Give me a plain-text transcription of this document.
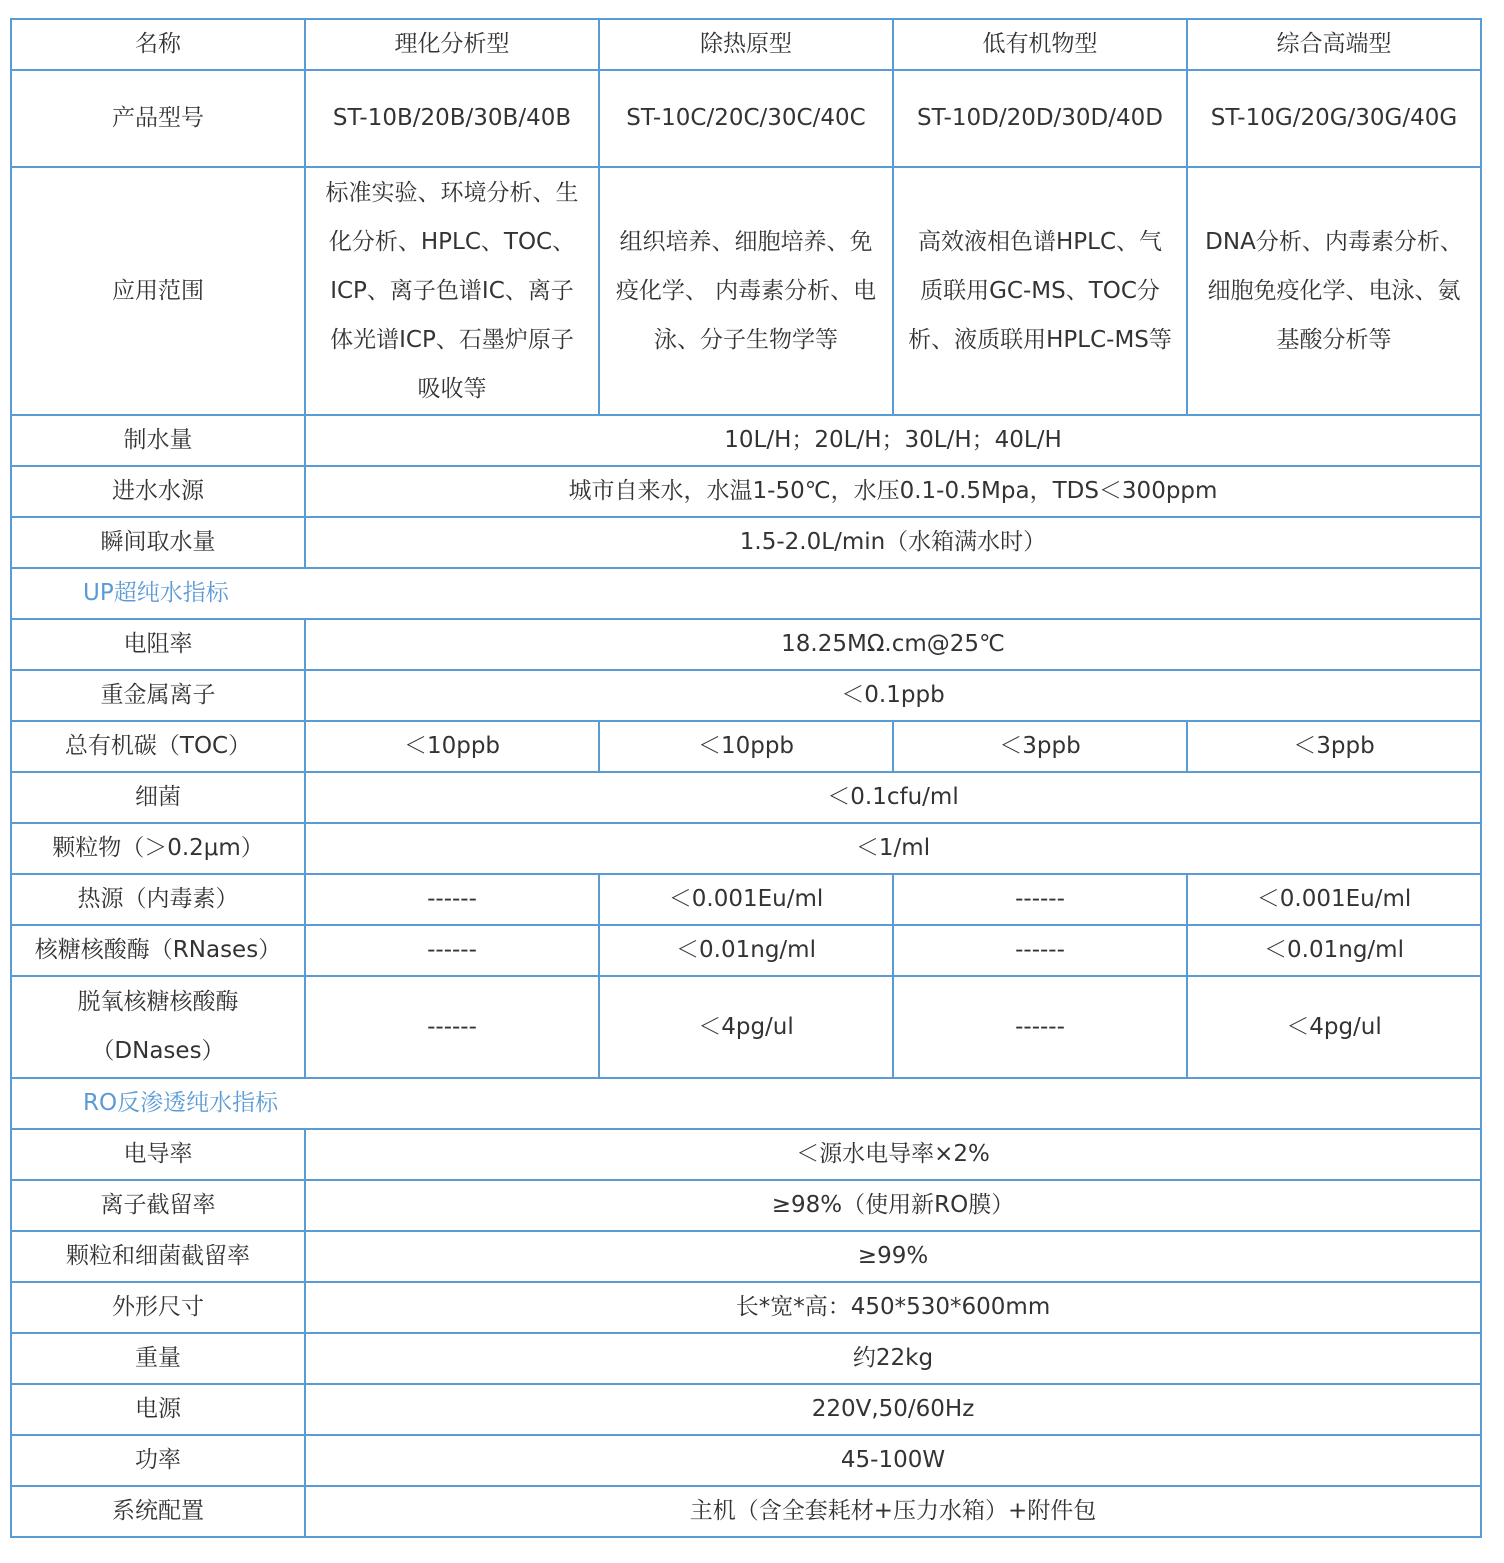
名称	理化分析型	除热原型	低有机物型	综合高端型
产品型号	ST-10B/20B/30B/40B	ST-10C/20C/30C/40C	ST-10D/20D/30D/40D	ST-10G/20G/30G/40G
应用范围	标准实验、环境分析、生化分析、HPLC、TOC、ICP、离子色谱IC、离子体光谱ICP、石墨炉原子吸收等	组织培养、细胞培养、免疫化学、 内毒素分析、电泳、分子生物学等	高效液相色谱HPLC、气质联用GC-MS、TOC分析、液质联用HPLC-MS等	DNA分析、内毒素分析、细胞免疫化学、电泳、氨基酸分析等
制水量	10L/H；20L/H；30L/H；40L/H			
进水水源	城市自来水，水温1-50℃，水压0.1-0.5Mpa，TDS＜300ppm			
瞬间取水量	1.5-2.0L/min（水箱满水时）			
UP超纯水指标				
电阻率	18.25MΩ.cm@25℃			
重金属离子	＜0.1ppb			
总有机碳（TOC）	＜10ppb	＜10ppb	＜3ppb	＜3ppb
细菌	＜0.1cfu/ml			
颗粒物（＞0.2μm）	＜1/ml			
热源（内毒素）	------	＜0.001Eu/ml	------	＜0.001Eu/ml
核糖核酸酶（RNases）	------	＜0.01ng/ml	------	＜0.01ng/ml
脱氧核糖核酸酶（DNases）	------	＜4pg/ul	------	＜4pg/ul
RO反渗透纯水指标				
电导率	＜源水电导率×2%			
离子截留率	≥98%（使用新RO膜）			
颗粒和细菌截留率	≥99%			
外形尺寸	长*宽*高：450*530*600mm			
重量	约22kg			
电源	220V,50/60Hz			
功率	45-100W			
系统配置	主机（含全套耗材+压力水箱）+附件包			
